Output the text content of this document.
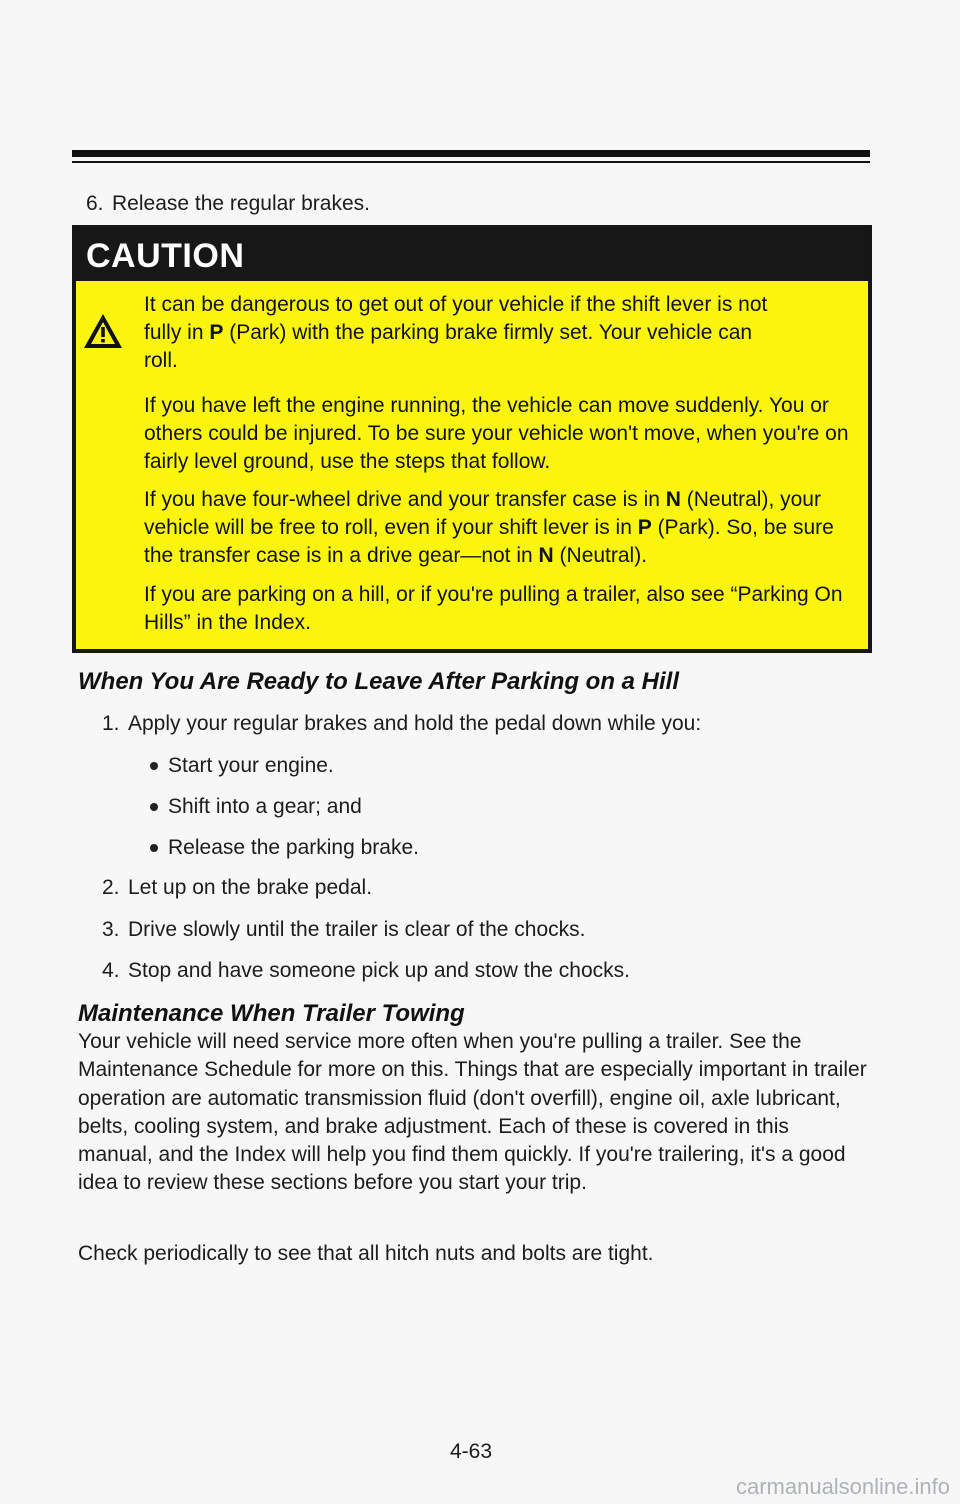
6. Release the regular brakes.
CAUTION
It can be dangerous to get out of your vehicle if the shift lever is not
fully in P (Park) with the parking brake firmly set. Your vehicle can
roll.
If you have left the engine running, the vehicle can move suddenly. You or others could be injured. To be sure your vehicle won't move, when you're on fairly level ground, use the steps that follow.
If you have four-wheel drive and your transfer case is in N (Neutral), your vehicle will be free to roll, even if your shift lever is in P (Park). So, be sure the transfer case is in a drive gear—not in N (Neutral).
If you are parking on a hill, or if you're pulling a trailer, also see “Parking On Hills” in the Index.
When You Are Ready to Leave After Parking on a Hill
1. Apply your regular brakes and hold the pedal down while you:
Start your engine.
Shift into a gear; and
Release the parking brake.
2. Let up on the brake pedal.
3. Drive slowly until the trailer is clear of the chocks.
4. Stop and have someone pick up and stow the chocks.
Maintenance When Trailer Towing
Your vehicle will need service more often when you're pulling a trailer. See the Maintenance Schedule for more on this. Things that are especially important in trailer operation are automatic transmission fluid (don't overfill), engine oil, axle lubricant, belts, cooling system, and brake adjustment. Each of these is covered in this manual, and the Index will help you find them quickly. If you're trailering, it's a good idea to review these sections before you start your trip.
Check periodically to see that all hitch nuts and bolts are tight.
4-63
carmanualsonline.info
